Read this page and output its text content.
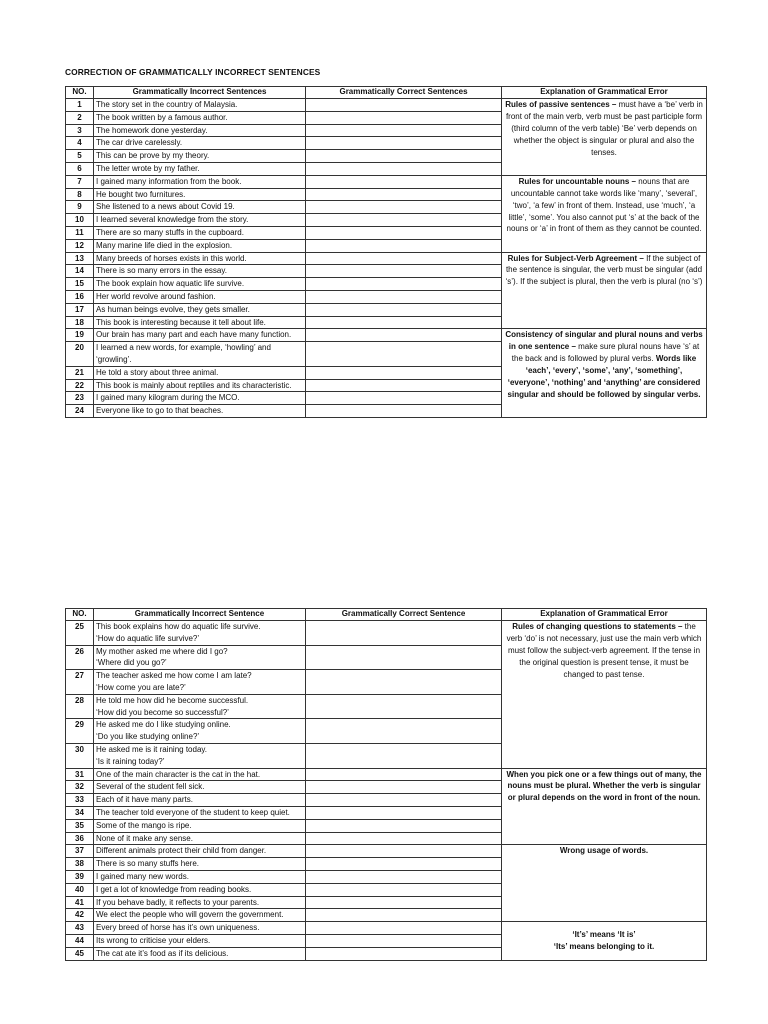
CORRECTION OF GRAMMATICALLY INCORRECT SENTENCES
NO.	Grammatically Incorrect Sentences	Grammatically Correct Sentences	Explanation of Grammatical Error
1	The story set in the country of Malaysia.		Rules of passive sentences – must have a ‘be’ verb in front of the main verb, verb must be past participle form (third column of the verb table) ‘Be’ verb depends on whether the object is singular or plural and also the tenses.
2	The book written by a famous author.		
3	The homework done yesterday.		
4	The car drive carelessly.		
5	This can be prove by my theory.		
6	The letter wrote by my father.		
7	I gained many information from the book.		Rules for uncountable nouns – nouns that are uncountable cannot take words like ‘many’, ‘several’, ‘two’, ‘a few’ in front of them. Instead, use ‘much’, ‘a little’, ‘some’. You also cannot put ‘s’ at the back of the nouns or ‘a’ in front of them as they cannot be counted.
8	He bought two furnitures.		
9	She listened to a news about Covid 19.		
10	I learned several knowledge from the story.		
11	There are so many stuffs in the cupboard.		
12	Many marine life died in the explosion.		
13	Many breeds of horses exists in this world.		Rules for Subject-Verb Agreement – If the subject of the sentence is singular, the verb must be singular (add ‘s’). If the subject is plural, then the verb is plural (no ‘s’)
14	There is so many errors in the essay.		
15	The book explain how aquatic life survive.		
16	Her world revolve around fashion.		
17	As human beings evolve, they gets smaller.		
18	This book is interesting because it tell about life.		
19	Our brain has many part and each have many function.		Consistency of singular and plural nouns and verbs in one sentence – make sure plural nouns have ‘s’ at the back and is followed by plural verbs. Words like ‘each’, ‘every’, ‘some’, ‘any’, ‘something’, ‘everyone’, ‘nothing’ and ‘anything’ are considered singular and should be followed by singular verbs.
20	I learned a new words, for example, ‘howling’ and ‘growling’.		
21	He told a story about three animal.		
22	This book is mainly about reptiles and its characteristic.		
23	I gained many kilogram during the MCO.		
24	Everyone like to go to that beaches.		
NO.	Grammatically Incorrect Sentence	Grammatically Correct Sentence	Explanation of Grammatical Error
25	This book explains how do aquatic life survive.
‘How do aquatic life survive?’		Rules of changing questions to statements – the verb ‘do’ is not necessary, just use the main verb which must follow the subject-verb agreement. If the tense in the original question is present tense, it must be changed to past tense.
26	My mother asked me where did I go?
‘Where did you go?’		

27	The teacher asked me how come I am late?
‘How come you are late?’		

28	He told me how did he become successful.
‘How did you become so successful?’		

29	He asked me do I like studying online.
‘Do you like studying online?’		

30	He asked me is it raining today.
‘Is it raining today?’		

31	One of the main character is the cat in the hat.		When you pick one or a few things out of many, the nouns must be plural. Whether the verb is singular or plural depends on the word in front of the noun.
32	Several of the student fell sick.		
33	Each of it have many parts.		
34	The teacher told everyone of the student to keep quiet.		
35	Some of the mango is ripe.		
36	None of it make any sense.		
37	Different animals protect their child from danger.		Wrong usage of words.
38	There is so many stuffs here.		
39	I gained many new words.		
40	I get a lot of knowledge from reading books.		
41	If you behave badly, it reflects to your parents.		
42	We elect the people who will govern the government.		
43	Every breed of horse has it’s own uniqueness.		‘It’s’ means ‘It is’
‘Its’ means belonging to it.

44	Its wrong to criticise your elders.		
45	The cat ate it’s food as if its delicious.		
